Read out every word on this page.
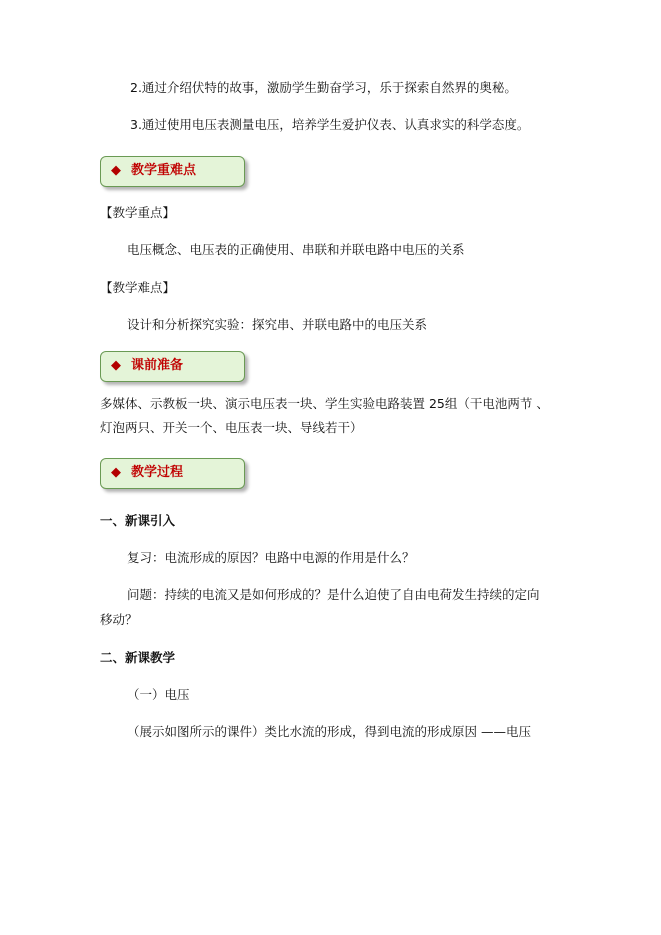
2.通过介绍伏特的故事，激励学生勤奋学习，乐于探索自然界的奥秘。
3.通过使用电压表测量电压，培养学生爱护仪表、认真求实的科学态度。
◆ 教学重难点
【教学重点】
电压概念、电压表的正确使用、串联和并联电路中电压的关系
【教学难点】
设计和分析探究实验：探究串、并联电路中的电压关系
◆ 课前准备
多媒体、示教板一块、演示电压表一块、学生实验电路装置 25组（干电池两节 、
灯泡两只、开关一个、电压表一块、导线若干）
◆ 教学过程
一、新课引入
复习：电流形成的原因？电路中电源的作用是什么？
问题：持续的电流又是如何形成的？是什么迫使了自由电荷发生持续的定向
移动？
二、新课教学
（一）电压
（展示如图所示的课件）类比水流的形成，得到电流的形成原因 ——电压
